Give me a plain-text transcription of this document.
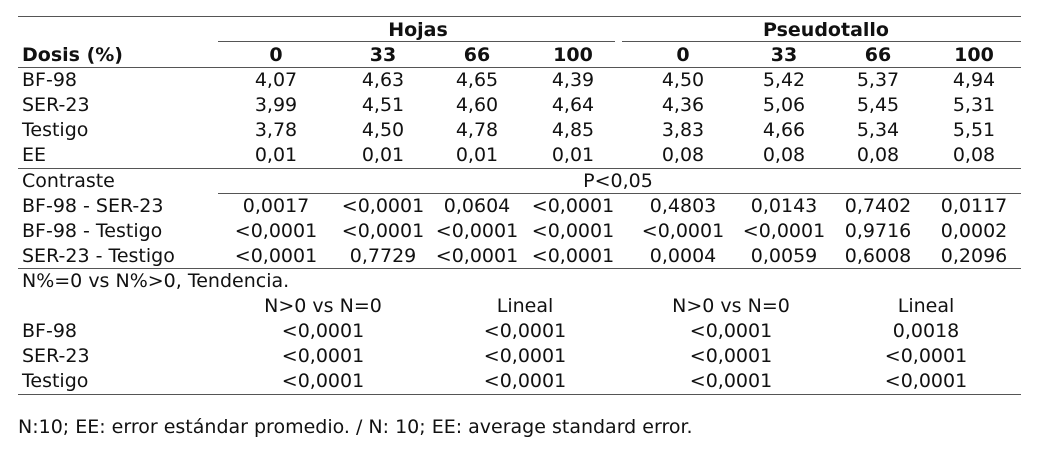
Hojas	Pseudotallo
Dosis (%)	0	33	66	100	0	33	66	100
BF-98	4,07	4,63	4,65	4,39	4,50	5,42	5,37	4,94
SER-23	3,99	4,51	4,60	4,64	4,36	5,06	5,45	5,31
Testigo	3,78	4,50	4,78	4,85	3,83	4,66	5,34	5,51
EE	0,01	0,01	0,01	0,01	0,08	0,08	0,08	0,08
Contraste	P<0,05
BF-98 - SER-23	0,0017 <0,0001 0,0604 <0,0001 0,4803 0,0143 0,7402 0,0117
BF-98 - Testigo	<0,0001 <0,0001 <0,0001 <0,0001 <0,0001 <0,0001 0,9716 0,0002
SER-23 - Testigo	<0,0001 0,7729 <0,0001 <0,0001 0,0004 0,0059 0,6008 0,2096
N%=0 vs N%>0, Tendencia.
N>0 vs N=0	Lineal	N>0 vs N=0	Lineal
BF-98	<0,0001	<0,0001	<0,0001	0,0018
SER-23	<0,0001	<0,0001	<0,0001	<0,0001
Testigo	<0,0001	<0,0001	<0,0001	<0,0001
N:10; EE: error estándar promedio. / N: 10; EE: average standard error.
